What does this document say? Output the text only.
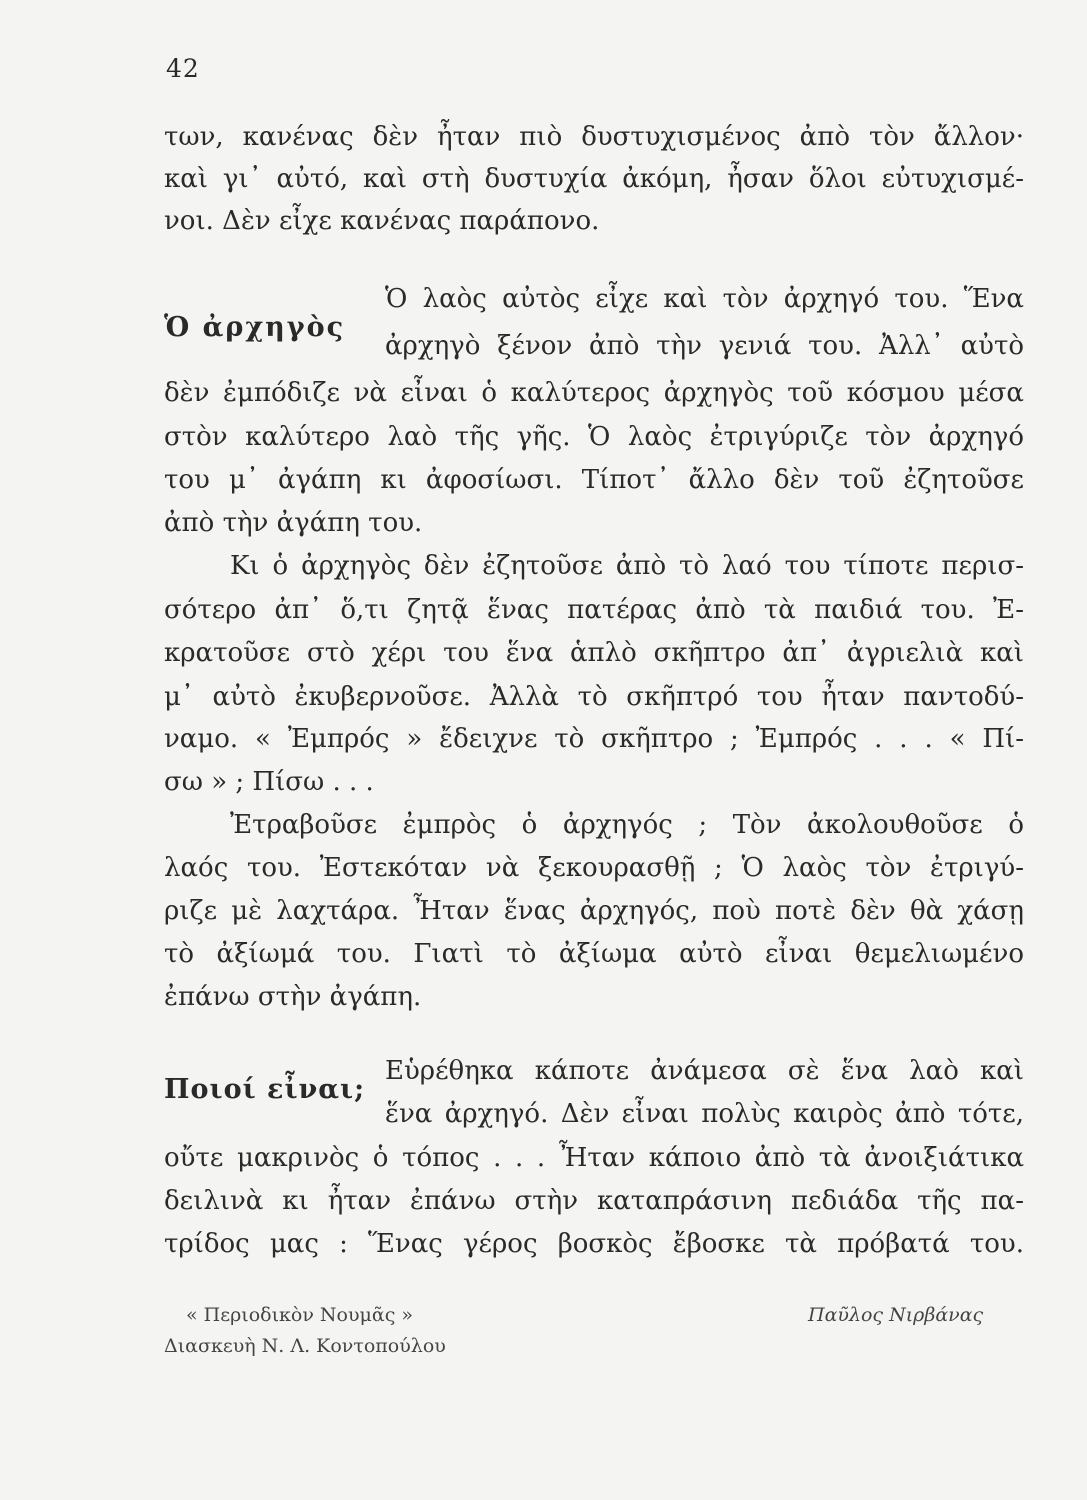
42
των, κανένας δὲν ἦταν πιὸ δυστυχισμένος ἀπὸ τὸν ἄλλον·
καὶ γι᾽ αὐτό, καὶ στὴ δυστυχία ἀκόμη, ἦσαν ὅλοι εὐτυχισμέ-
νοι. Δὲν εἶχε κανένας παράπονο.
Ὁ ἀρχηγὸς
Ὁ λαὸς αὐτὸς εἶχε καὶ τὸν ἀρχηγό του. Ἕνα
ἀρχηγὸ ξένον ἀπὸ τὴν γενιά του. Ἀλλ᾽ αὐτὸ
δὲν ἐμπόδιζε νὰ εἶναι ὁ καλύτερος ἀρχηγὸς τοῦ κόσμου μέσα
στὸν καλύτερο λαὸ τῆς γῆς. Ὁ λαὸς ἐτριγύριζε τὸν ἀρχηγό
του μ᾽ ἀγάπη κι ἀφοσίωσι. Τίποτ᾽ ἄλλο δὲν τοῦ ἐζητοῦσε
ἀπὸ τὴν ἀγάπη του.
Κι ὁ ἀρχηγὸς δὲν ἐζητοῦσε ἀπὸ τὸ λαό του τίποτε περισ-
σότερο ἀπ᾽ ὅ,τι ζητᾷ ἕνας πατέρας ἀπὸ τὰ παιδιά του. Ἐ-
κρατοῦσε στὸ χέρι του ἕνα ἁπλὸ σκῆπτρο ἀπ᾽ ἀγριελιὰ καὶ
μ᾽ αὐτὸ ἐκυβερνοῦσε. Ἀλλὰ τὸ σκῆπτρό του ἦταν παντοδύ-
ναμο. « Ἐμπρός » ἔδειχνε τὸ σκῆπτρο ; Ἐμπρός . . . « Πί-
σω » ; Πίσω . . .
Ἐτραβοῦσε ἐμπρὸς ὁ ἀρχηγός ; Τὸν ἀκολουθοῦσε ὁ
λαός του. Ἐστεκόταν νὰ ξεκουρασθῇ ; Ὁ λαὸς τὸν ἐτριγύ-
ριζε μὲ λαχτάρα. Ἦταν ἕνας ἀρχηγός, ποὺ ποτὲ δὲν θὰ χάσῃ
τὸ ἀξίωμά του. Γιατὶ τὸ ἀξίωμα αὐτὸ εἶναι θεμελιωμένο
ἐπάνω στὴν ἀγάπη.
Ποιοί εἶναι;
Εὑρέθηκα κάποτε ἀνάμεσα σὲ ἕνα λαὸ καὶ
ἕνα ἀρχηγό. Δὲν εἶναι πολὺς καιρὸς ἀπὸ τότε,
οὔτε μακρινὸς ὁ τόπος . . . Ἦταν κάποιο ἀπὸ τὰ ἀνοιξιάτικα
δειλινὰ κι ἦταν ἐπάνω στὴν καταπράσινη πεδιάδα τῆς πα-
τρίδος μας : Ἕνας γέρος βοσκὸς ἔβοσκε τὰ πρόβατά του.
« Περιοδικὸν Νουμᾶς »
Διασκευὴ Ν. Λ. Κοντοπούλου
Παῦλος Νιρβάνας
